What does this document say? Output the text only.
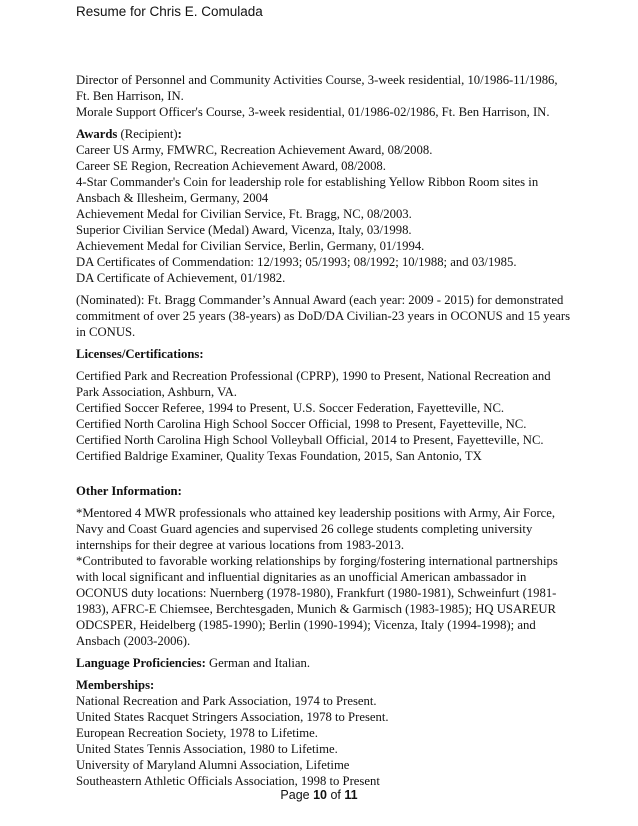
Resume for Chris E. Comulada
Director of Personnel and Community Activities Course, 3-week residential, 10/1986-11/1986,
Ft. Ben Harrison, IN.
Morale Support Officer's Course, 3-week residential, 01/1986-02/1986, Ft. Ben Harrison, IN.
Awards (Recipient):
Career US Army, FMWRC, Recreation Achievement Award, 08/2008.
Career SE Region, Recreation Achievement Award, 08/2008.
4-Star Commander's Coin for leadership role for establishing Yellow Ribbon Room sites in
Ansbach & Illesheim, Germany, 2004
Achievement Medal for Civilian Service, Ft. Bragg, NC, 08/2003.
Superior Civilian Service (Medal) Award, Vicenza, Italy, 03/1998.
Achievement Medal for Civilian Service, Berlin, Germany, 01/1994.
DA Certificates of Commendation: 12/1993; 05/1993; 08/1992; 10/1988; and 03/1985.
DA Certificate of Achievement, 01/1982.
(Nominated): Ft. Bragg Commander’s Annual Award (each year: 2009 - 2015) for demonstrated
commitment of over 25 years (38-years) as DoD/DA Civilian-23 years in OCONUS and 15 years
in CONUS.
Licenses/Certifications:
Certified Park and Recreation Professional (CPRP), 1990 to Present, National Recreation and
Park Association, Ashburn, VA.
Certified Soccer Referee, 1994 to Present, U.S. Soccer Federation, Fayetteville, NC.
Certified North Carolina High School Soccer Official, 1998 to Present, Fayetteville, NC.
Certified North Carolina High School Volleyball Official, 2014 to Present, Fayetteville, NC.
Certified Baldrige Examiner, Quality Texas Foundation, 2015, San Antonio, TX
Other Information:
*Mentored 4 MWR professionals who attained key leadership positions with Army, Air Force,
Navy and Coast Guard agencies and supervised 26 college students completing university
internships for their degree at various locations from 1983-2013.
*Contributed to favorable working relationships by forging/fostering international partnerships
with local significant and influential dignitaries as an unofficial American ambassador in
OCONUS duty locations: Nuernberg (1978-1980), Frankfurt (1980-1981), Schweinfurt (1981-
1983), AFRC-E Chiemsee, Berchtesgaden, Munich & Garmisch (1983-1985); HQ USAREUR
ODCSPER, Heidelberg (1985-1990); Berlin (1990-1994); Vicenza, Italy (1994-1998); and
Ansbach (2003-2006).
Language Proficiencies: German and Italian.
Memberships:
National Recreation and Park Association, 1974 to Present.
United States Racquet Stringers Association, 1978 to Present.
European Recreation Society, 1978 to Lifetime.
United States Tennis Association, 1980 to Lifetime.
University of Maryland Alumni Association, Lifetime
Southeastern Athletic Officials Association, 1998 to Present
Page 10 of 11
